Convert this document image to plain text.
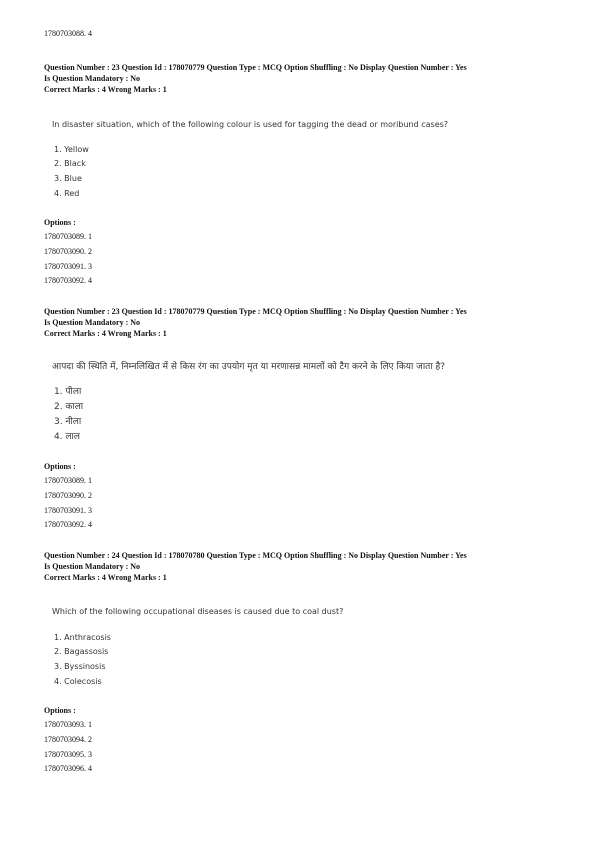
1780703088. 4
Question Number : 23 Question Id : 178070779 Question Type : MCQ Option Shuffling : No Display Question Number : Yes
Is Question Mandatory : No
Correct Marks : 4 Wrong Marks : 1
In disaster situation, which of the following colour is used for tagging the dead or moribund cases?
1. Yellow
2. Black
3. Blue
4. Red
Options :
1780703089. 1
1780703090. 2
1780703091. 3
1780703092. 4
Question Number : 23 Question Id : 178070779 Question Type : MCQ Option Shuffling : No Display Question Number : Yes
Is Question Mandatory : No
Correct Marks : 4 Wrong Marks : 1
आपदा की स्थिति में, निम्नलिखित में से किस रंग का उपयोग मृत या मरणासन्न मामलों को टैग करने के लिए किया जाता है?
1. पीला
2. काला
3. नीला
4. लाल
Options :
1780703089. 1
1780703090. 2
1780703091. 3
1780703092. 4
Question Number : 24 Question Id : 178070780 Question Type : MCQ Option Shuffling : No Display Question Number : Yes
Is Question Mandatory : No
Correct Marks : 4 Wrong Marks : 1
Which of the following occupational diseases is caused due to coal dust?
1. Anthracosis
2. Bagassosis
3. Byssinosis
4. Colecosis
Options :
1780703093. 1
1780703094. 2
1780703095. 3
1780703096. 4
